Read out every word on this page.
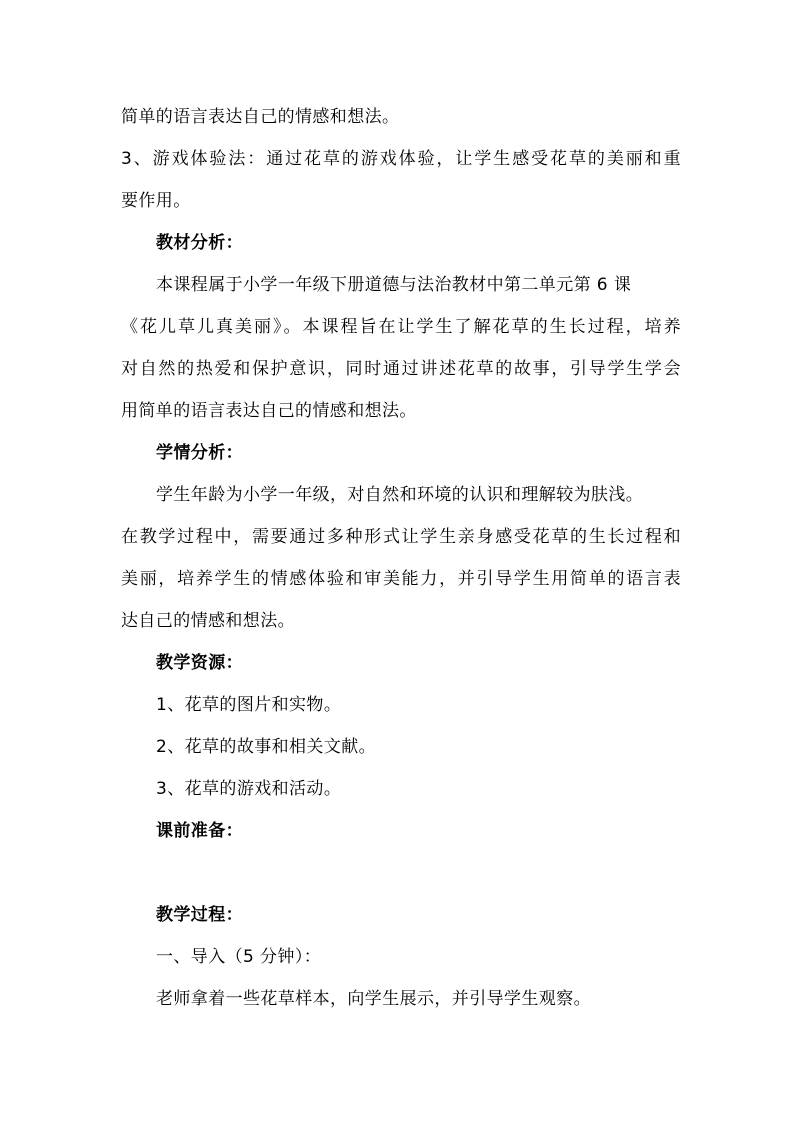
简单的语言表达自己的情感和想法。
3、游戏体验法：通过花草的游戏体验，让学生感受花草的美丽和重
要作用。
教材分析：
本课程属于小学一年级下册道德与法治教材中第二单元第 6 课
《花儿草儿真美丽》。本课程旨在让学生了解花草的生长过程，培养
对自然的热爱和保护意识，同时通过讲述花草的故事，引导学生学会
用简单的语言表达自己的情感和想法。
学情分析：
学生年龄为小学一年级，对自然和环境的认识和理解较为肤浅。
在教学过程中，需要通过多种形式让学生亲身感受花草的生长过程和
美丽，培养学生的情感体验和审美能力，并引导学生用简单的语言表
达自己的情感和想法。
教学资源：
1、花草的图片和实物。
2、花草的故事和相关文献。
3、花草的游戏和活动。
课前准备：
教学过程：
一、导入（5 分钟）：
老师拿着一些花草样本，向学生展示，并引导学生观察。
